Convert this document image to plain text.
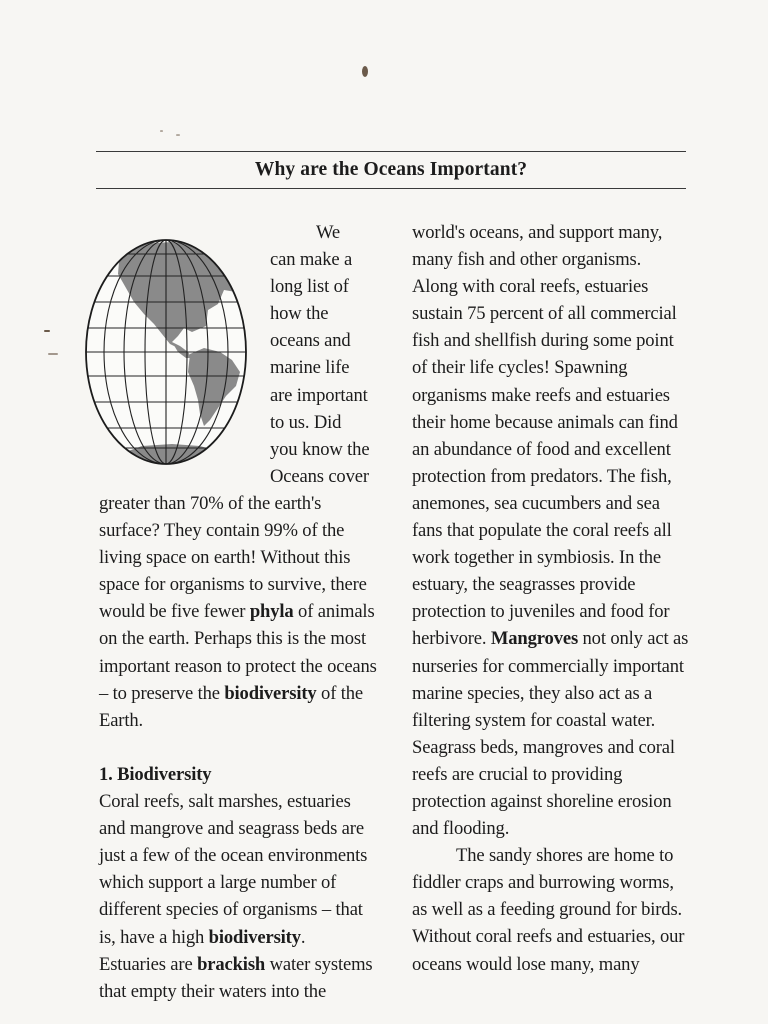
Why are the Oceans Important?
We
can make a
long list of
how the
oceans and
marine life
are important
to us. Did
you know the
Oceans cover
greater than 70% of the earth's
surface? They contain 99% of the
living space on earth! Without this
space for organisms to survive, there
would be five fewer phyla of animals
on the earth. Perhaps this is the most
important reason to protect the oceans
– to preserve the biodiversity of the
Earth.
1. Biodiversity
Coral reefs, salt marshes, estuaries
and mangrove and seagrass beds are
just a few of the ocean environments
which support a large number of
different species of organisms – that
is, have a high biodiversity.
Estuaries are brackish water systems
that empty their waters into the
world's oceans, and support many,
many fish and other organisms.
Along with coral reefs, estuaries
sustain 75 percent of all commercial
fish and shellfish during some point
of their life cycles! Spawning
organisms make reefs and estuaries
their home because animals can find
an abundance of food and excellent
protection from predators. The fish,
anemones, sea cucumbers and sea
fans that populate the coral reefs all
work together in symbiosis. In the
estuary, the seagrasses provide
protection to juveniles and food for
herbivore. Mangroves not only act as
nurseries for commercially important
marine species, they also act as a
filtering system for coastal water.
Seagrass beds, mangroves and coral
reefs are crucial to providing
protection against shoreline erosion
and flooding.
The sandy shores are home to
fiddler craps and burrowing worms,
as well as a feeding ground for birds.
Without coral reefs and estuaries, our
oceans would lose many, many
